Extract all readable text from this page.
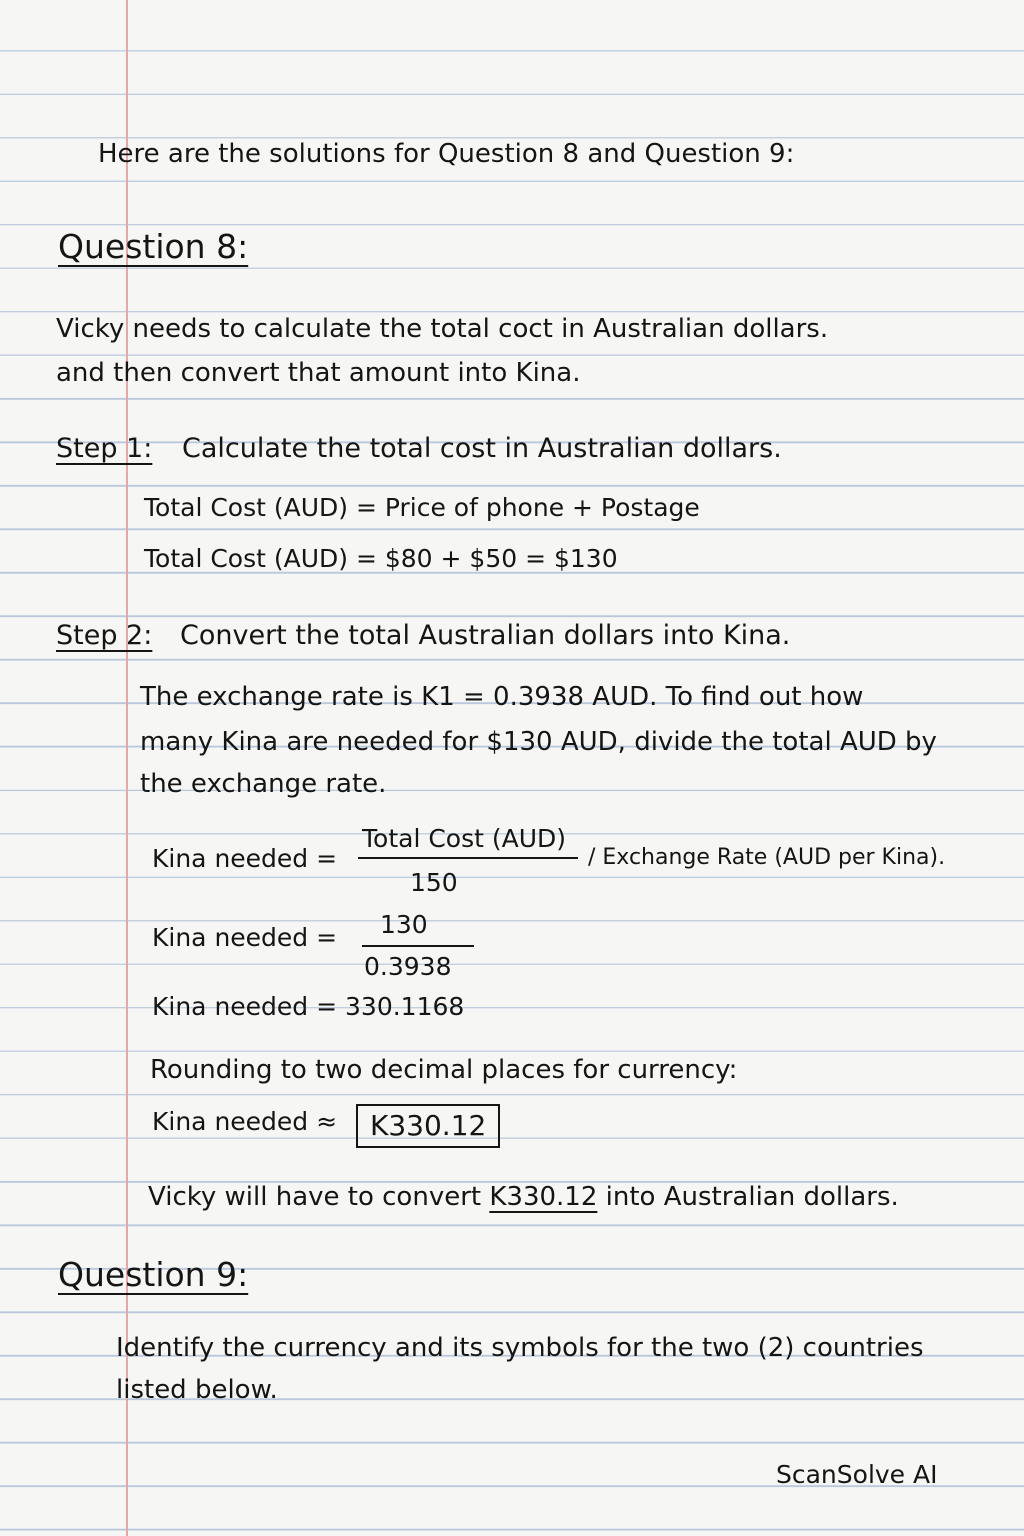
Here are the solutions for Question 8 and Question 9:
Question 8:
Vicky needs to calculate the total coct in Australian dollars.
and then convert that amount into Kina.
Step 1: Calculate the total cost in Australian dollars.
Total Cost (AUD) = Price of phone + Postage
Total Cost (AUD) = $80 + $50 = $130
Step 2: Convert the total Australian dollars into Kina.
The exchange rate is K1 = 0.3938 AUD. To find out how
many Kina are needed for $130 AUD, divide the total AUD by
the exchange rate.
Kina needed =
Total Cost (AUD)
150
/ Exchange Rate (AUD per Kina).
Kina needed = 130
0.3938
Kina needed = 330.1168
Rounding to two decimal places for currency:
Kina needed ≈	K330.12
Vicky will have to convert K330.12 into Australian dollars.
Question 9:
Identify the currency and its symbols for the two (2) countries
listed below.
ScanSolve AI
